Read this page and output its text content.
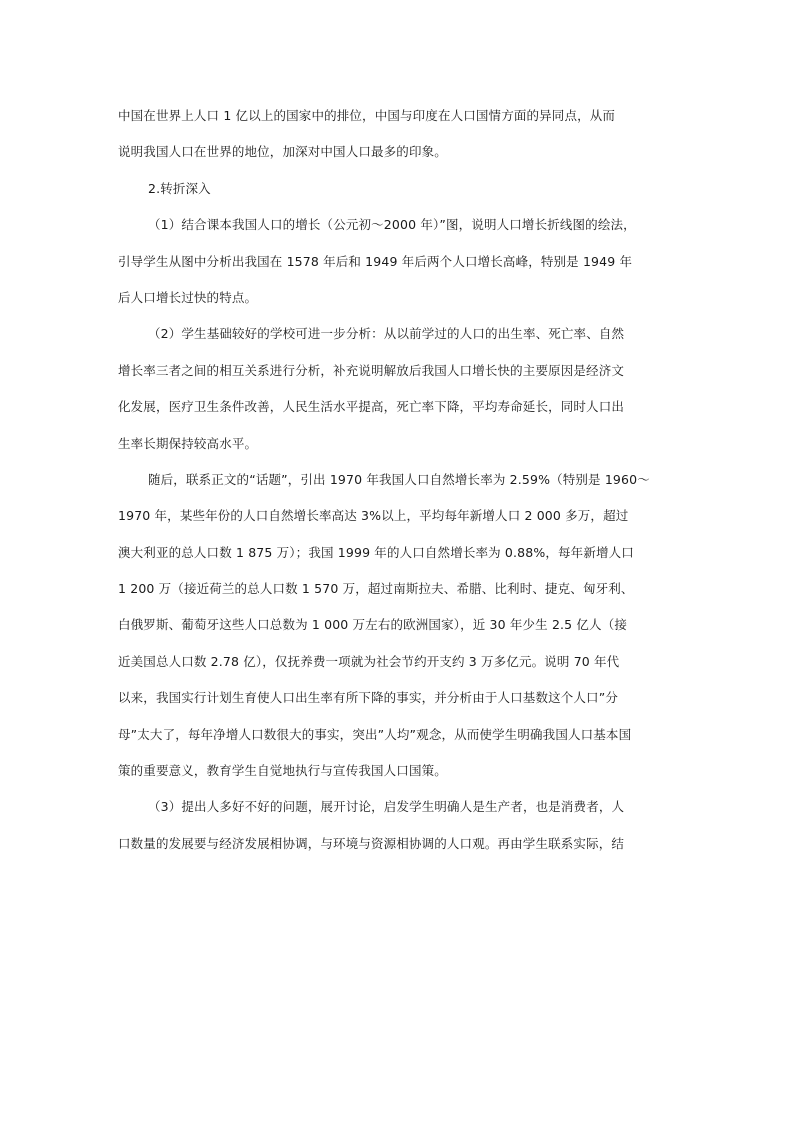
中国在世界上人口 1 亿以上的国家中的排位，中国与印度在人口国情方面的异同点，从而
说明我国人口在世界的地位，加深对中国人口最多的印象。
2.转折深入
（1）结合课本我国人口的增长（公元初～2000 年）”图，说明人口增长折线图的绘法，
引导学生从图中分析出我国在 1578 年后和 1949 年后两个人口增长高峰，特别是 1949 年
后人口增长过快的特点。
（2）学生基础较好的学校可进一步分析：从以前学过的人口的出生率、死亡率、自然
增长率三者之间的相互关系进行分析，补充说明解放后我国人口增长快的主要原因是经济文
化发展，医疗卫生条件改善，人民生活水平提高，死亡率下降，平均寿命延长，同时人口出
生率长期保持较高水平。
随后，联系正文的“话题”，引出 1970 年我国人口自然增长率为 2.59%（特别是 1960～
1970 年，某些年份的人口自然增长率高达 3%以上，平均每年新增人口 2 000 多万，超过
澳大利亚的总人口数 1 875 万）；我国 1999 年的人口自然增长率为 0.88%，每年新增人口
1 200 万（接近荷兰的总人口数 1 570 万，超过南斯拉夫、希腊、比利时、捷克、匈牙利、
白俄罗斯、葡萄牙这些人口总数为 1 000 万左右的欧洲国家），近 30 年少生 2.5 亿人（接
近美国总人口数 2.78 亿），仅抚养费一项就为社会节约开支约 3 万多亿元。说明 70 年代
以来，我国实行计划生育使人口出生率有所下降的事实，并分析由于人口基数这个人口”分
母”太大了，每年净增人口数很大的事实，突出”人均”观念，从而使学生明确我国人口基本国
策的重要意义，教育学生自觉地执行与宣传我国人口国策。
（3）提出人多好不好的问题，展开讨论，启发学生明确人是生产者，也是消费者，人
口数量的发展要与经济发展相协调，与环境与资源相协调的人口观。再由学生联系实际，结
